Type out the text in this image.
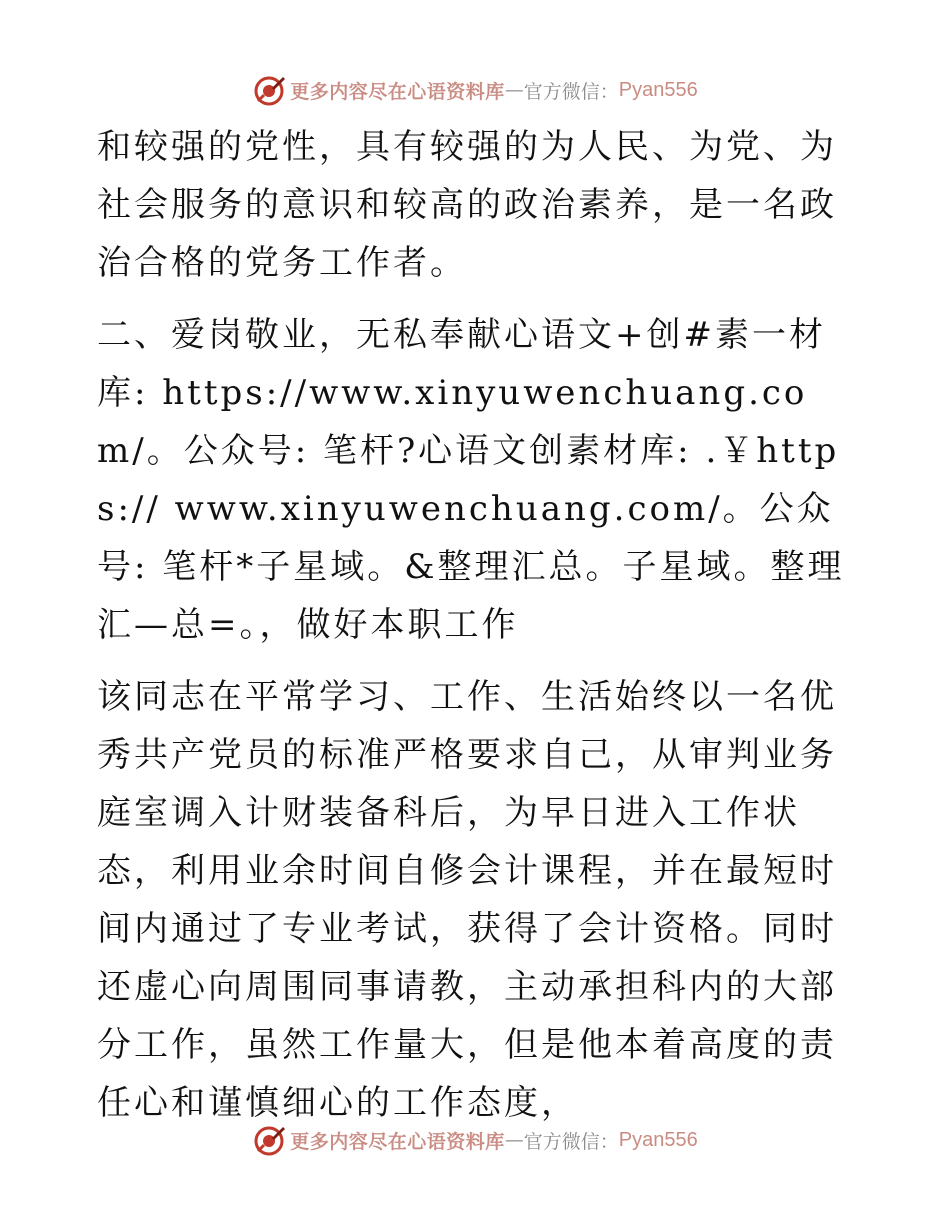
更多内容尽在心语资料库 — 官方微信： Pyan556

和较强的党性，具有较强的为人民、为党、为社会服务的意识和较高的政治素养，是一名政治合格的党务工作者。

二、爱岗敬业，无私奉献心语文+创#素一材库: https://www.xinyuwenchuang.com/。公众号: 笔杆?心语文创素材库: .￥https:// www.xinyuwenchuang.com/。公众号: 笔杆*子星域。&整理汇总。子星域。整理汇—总=。，做好本职工作

该同志在平常学习、工作、生活始终以一名优秀共产党员的标准严格要求自己，从审判业务庭室调入计财装备科后，为早日进入工作状态，利用业余时间自修会计课程，并在最短时间内通过了专业考试，获得了会计资格。同时还虚心向周围同事请教，主动承担科内的大部分工作，虽然工作量大，但是他本着高度的责任心和谨慎细心的工作态度，

更多内容尽在心语资料库 — 官方微信： Pyan556
